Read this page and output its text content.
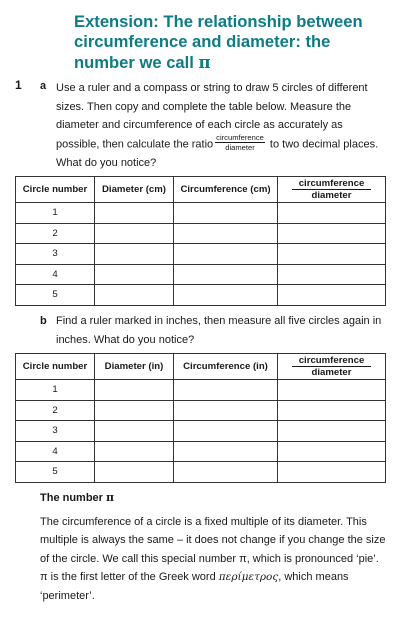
Extension: The relationship between circumference and diameter: the number we call π
1 a Use a ruler and a compass or string to draw 5 circles of different sizes. Then copy and complete the table below. Measure the diameter and circumference of each circle as accurately as possible, then calculate the ratio $\frac{\text{circumference}}{\text{diameter}}$ to two decimal places. What do you notice?
Circle number	Diameter (cm)	Circumference (cm)	circumference
diameter
1			
2			
3			
4			
5			
b Find a ruler marked in inches, then measure all five circles again in inches. What do you notice?
Circle number	Diameter (in)	Circumference (in)	circumference
diameter
1			
2			
3			
4			
5			
The number π
The circumference of a circle is a fixed multiple of its diameter. This multiple is always the same – it does not change if you change the size of the circle. We call this special number π, which is pronounced ‘pie’. π is the first letter of the Greek word περίμετρος, which means ‘perimeter’.
